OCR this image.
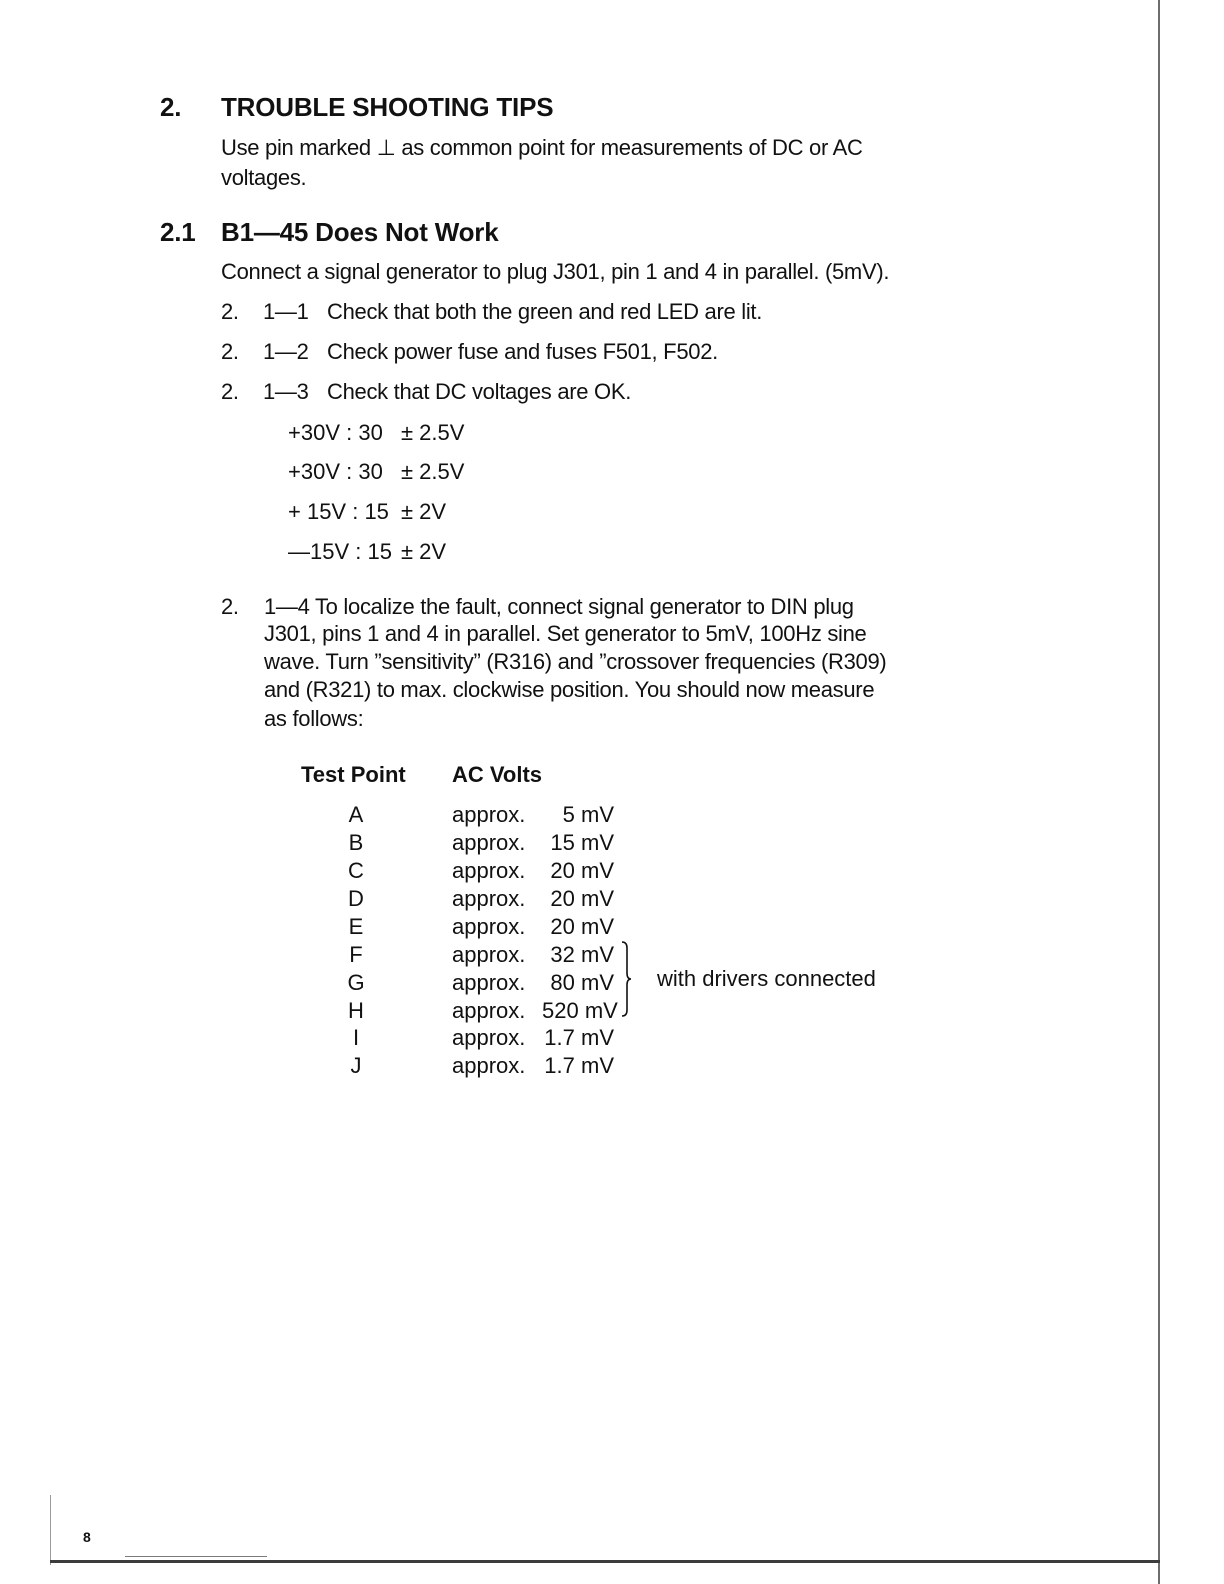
2. TROUBLE SHOOTING TIPS
Use pin marked ⊥ as common point for measurements of DC or AC
voltages.
2.1 B1—45 Does Not Work
Connect a signal generator to plug J301, pin 1 and 4 in parallel. (5mV).
2. 1—1 Check that both the green and red LED are lit.
2. 1—2 Check power fuse and fuses F501, F502.
2. 1—3 Check that DC voltages are OK.
+30V : 30 ± 2.5V
+30V : 30 ± 2.5V
+ 15V : 15 ± 2V
—15V : 15 ± 2V
2. 1—4 To localize the fault, connect signal generator to DIN plug
J301, pins 1 and 4 in parallel. Set generator to 5mV, 100Hz sine
wave. Turn ”sensitivity” (R316) and ”crossover frequencies (R309)
and (R321) to max. clockwise position. You should now measure
as follows:
Test Point AC Volts
A	approx. 5 mV
B	approx. 15 mV
C	approx. 20 mV
D	approx. 20 mV
E	approx. 20 mV
F	approx. 32 mV
G	approx. 80 mV
H	approx. 520 mV
I	approx. 1.7 mV
J	approx. 1.7 mV
with drivers connected
8
